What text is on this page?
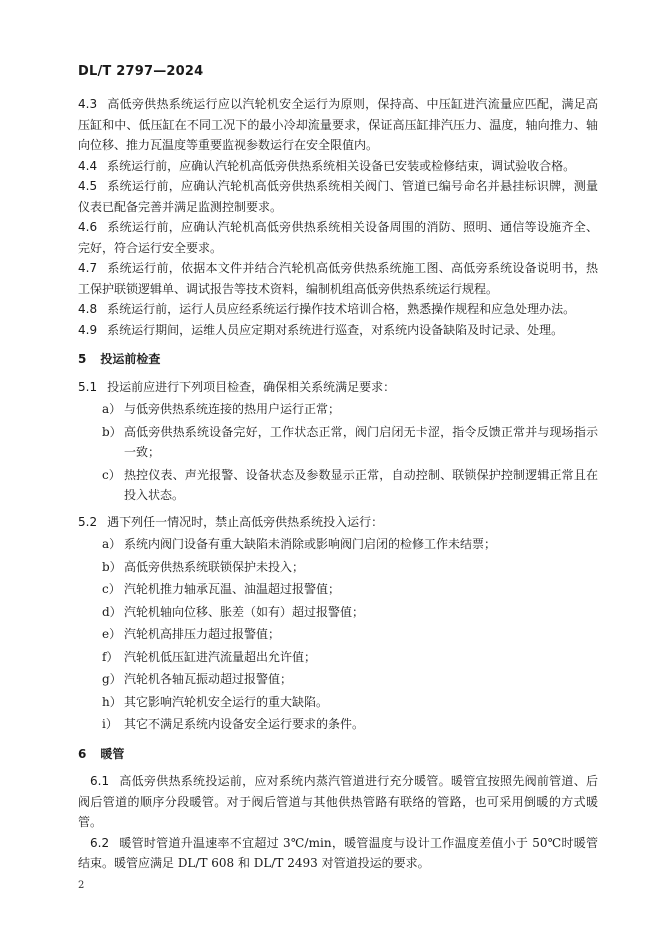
DL/T 2797—2024

4.3 高低旁供热系统运行应以汽轮机安全运行为原则，保持高、中压缸进汽流量应匹配，满足高压缸和中、低压缸在不同工况下的最小冷却流量要求，保证高压缸排汽压力、温度，轴向推力、轴向位移、推力瓦温度等重要监视参数运行在安全限值内。

4.4 系统运行前，应确认汽轮机高低旁供热系统相关设备已安装或检修结束，调试验收合格。

4.5 系统运行前，应确认汽轮机高低旁供热系统相关阀门、管道已编号命名并悬挂标识牌，测量仪表已配备完善并满足监测控制要求。

4.6 系统运行前，应确认汽轮机高低旁供热系统相关设备周围的消防、照明、通信等设施齐全、完好，符合运行安全要求。

4.7 系统运行前，依据本文件并结合汽轮机高低旁供热系统施工图、高低旁系统设备说明书，热工保护联锁逻辑单、调试报告等技术资料，编制机组高低旁供热系统运行规程。

4.8 系统运行前，运行人员应经系统运行操作技术培训合格，熟悉操作规程和应急处理办法。

4.9 系统运行期间，运维人员应定期对系统进行巡查，对系统内设备缺陷及时记录、处理。

5 投运前检查

5.1 投运前应进行下列项目检查，确保相关系统满足要求：

a） 与低旁供热系统连接的热用户运行正常；
b） 高低旁供热系统设备完好，工作状态正常，阀门启闭无卡涩，指令反馈正常并与现场指示一致；
c） 热控仪表、声光报警、设备状态及参数显示正常，自动控制、联锁保护控制逻辑正常且在投入状态。

5.2 遇下列任一情况时，禁止高低旁供热系统投入运行：

a） 系统内阀门设备有重大缺陷未消除或影响阀门启闭的检修工作未结票；
b） 高低旁供热系统联锁保护未投入；
c） 汽轮机推力轴承瓦温、油温超过报警值；
d） 汽轮机轴向位移、胀差（如有）超过报警值；
e） 汽轮机高排压力超过报警值；
f） 汽轮机低压缸进汽流量超出允许值；
g） 汽轮机各轴瓦振动超过报警值；
h） 其它影响汽轮机安全运行的重大缺陷。
i） 其它不满足系统内设备安全运行要求的条件。
6 暖管

6.1 高低旁供热系统投运前，应对系统内蒸汽管道进行充分暖管。暖管宜按照先阀前管道、后阀后管道的顺序分段暖管。对于阀后管道与其他供热管路有联络的管路，也可采用倒暖的方式暖管。

6.2 暖管时管道升温速率不宜超过 3℃/min，暖管温度与设计工作温度差值小于 50℃时暖管结束。暖管应满足 DL/T 608 和 DL/T 2493 对管道投运的要求。

2
